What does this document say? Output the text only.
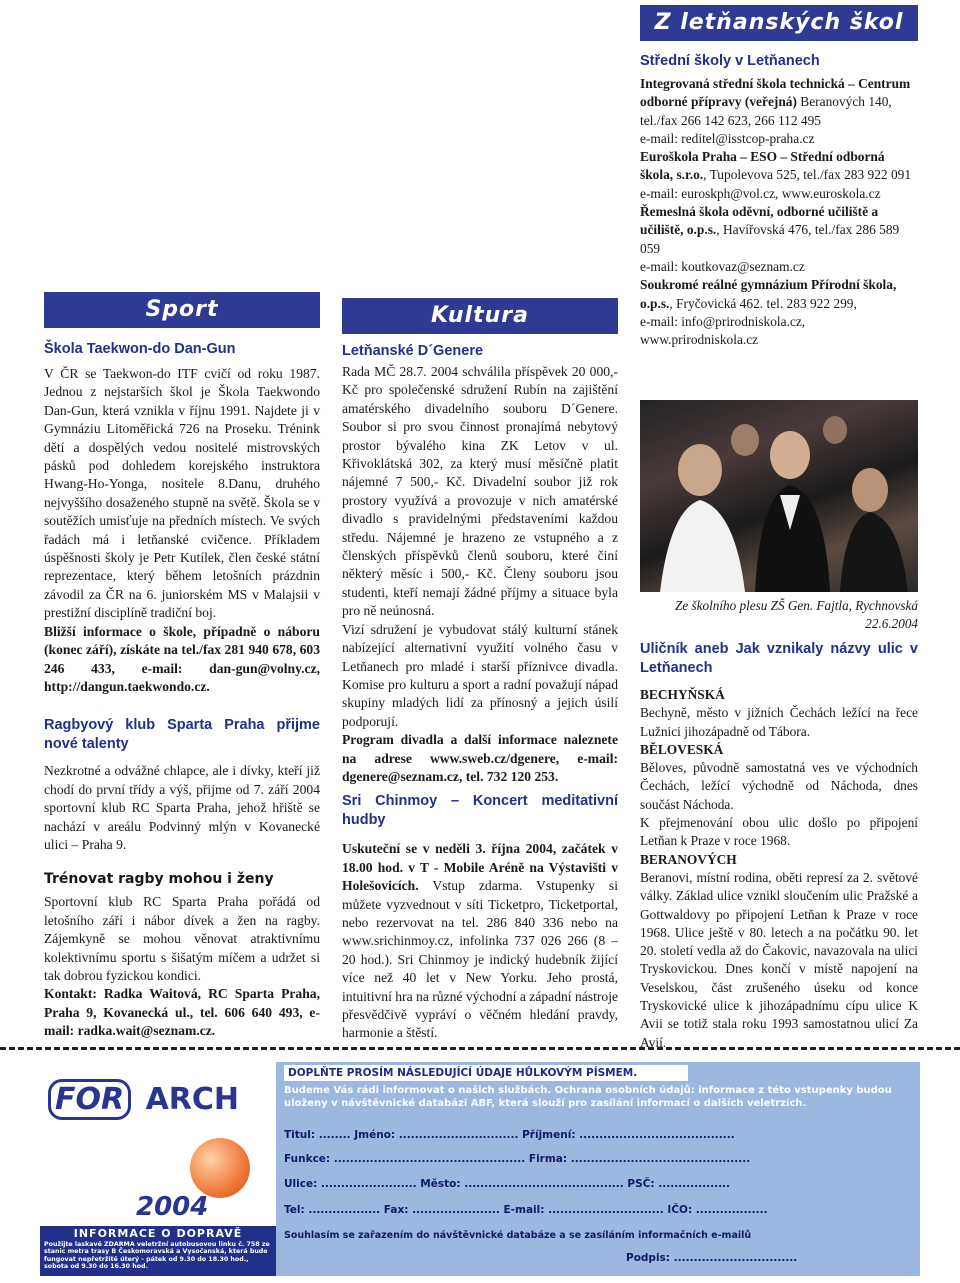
Z letňanských škol
Sport

Škola Taekwon-do Dan-Gun

V ČR se Taekwon-do ITF cvičí od roku 1987. Jednou z nejstarších škol je Škola Taekwondo Dan-Gun, která vznikla v říjnu 1991. Najdete ji v Gymnáziu Litoměřická 726 na Proseku. Trénink dětí a dospělých vedou nositelé mistrovských pásků pod dohledem korejského instruktora Hwang-Ho-Yonga, nositele 8.Danu, druhého nejvyššího dosaženého stupně na světě. Škola se v soutěžích umisťuje na předních místech. Ve svých řadách má i letňanské cvičence. Příkladem úspěšnosti školy je Petr Kutílek, člen české státní reprezentace, který během letošních prázdnin závodil za ČR na 6. juniorském MS v Malajsii v prestižní disciplíně tradiční boj.

Bližší informace o škole, případně o náboru (konec září), získáte na tel./fax 281 940 678, 603 246 433, e-mail: dan-gun@volny.cz, http://dangun.taekwondo.cz.

Ragbyový klub Sparta Praha přijme nové talenty

Nezkrotné a odvážné chlapce, ale i dívky, kteří již chodí do první třídy a výš, přijme od 7. září 2004 sportovní klub RC Sparta Praha, jehož hřiště se nachází v areálu Podvinný mlýn v Kovanecké ulici – Praha 9.

Trénovat ragby mohou i ženy

Sportovní klub RC Sparta Praha pořádá od letošního září i nábor dívek a žen na ragby. Zájemkyně se mohou věnovat atraktivnímu kolektivnímu sportu s šišatým míčem a udržet si tak dobrou fyzickou kondici.

Kontakt: Radka Waitová, RC Sparta Praha, Praha 9, Kovanecká ul., tel. 606 640 493, e-mail: radka.wait@seznam.cz.

Kultura

Letňanské D´Genere

Rada MČ 28.7. 2004 schválila příspěvek 20 000,- Kč pro společenské sdružení Rubín na zajištění amatérského divadelního souboru D´Genere. Soubor si pro svou činnost pronajímá nebytový prostor bývalého kina ZK Letov v ul. Křivoklátská 302, za který musí měsíčně platit nájemné 7 500,- Kč. Divadelní soubor již rok prostory využívá a provozuje v nich amatérské divadlo s pravidelnými představeními každou středu. Nájemné je hrazeno ze vstupného a z členských příspěvků členů souboru, které činí některý měsíc i 500,- Kč. Členy souboru jsou studenti, kteří nemají žádné příjmy a situace byla pro ně neúnosná.

Vizí sdružení je vybudovat stálý kulturní stánek nabízející alternativní využití volného času v Letňanech pro mladé i starší příznivce divadla. Komise pro kulturu a sport a radní považují nápad skupiny mladých lidí za přínosný a jejich úsilí podporují.

Program divadla a další informace naleznete na adrese www.sweb.cz/dgenere, e-mail: dgenere@seznam.cz, tel. 732 120 253.

Sri Chinmoy – Koncert meditativní hudby

Uskuteční se v neděli 3. října 2004, začátek v 18.00 hod. v T - Mobile Aréně na Výstavišti v Holešovicích. Vstup zdarma. Vstupenky si můžete vyzvednout v síti Ticketpro, Ticketportal, nebo rezervovat na tel. 286 840 336 nebo na www.srichinmoy.cz, infolinka 737 026 266 (8 – 20 hod.). Sri Chinmoy je indický hudebník žijící více než 40 let v New Yorku. Jeho prostá, intuitivní hra na různé východní a západní nástroje přesvědčivě vypráví o věčném hledání pravdy, harmonie a štěstí.

Střední školy v Letňanech

Integrovaná střední škola technická – Centrum odborné přípravy (veřejná) Beranových 140, tel./fax 266 142 623, 266 112 495

e-mail: reditel@isstcop-praha.cz

Euroškola Praha – ESO – Střední odborná škola, s.r.o., Tupolevova 525, tel./fax 283 922 091

e-mail: euroskph@vol.cz, www.euroskola.cz

Řemeslná škola oděvní, odborné učiliště a učiliště, o.p.s., Havířovská 476, tel./fax 286 589 059

e-mail: koutkovaz@seznam.cz

Soukromé reálné gymnázium Přírodní škola, o.p.s., Fryčovická 462. tel. 283 922 299,

e-mail: info@prirodniskola.cz, www.prirodniskola.cz

Ze školního plesu ZŠ Gen. Fajtla, Rychnovská 22.6.2004

Uličník aneb Jak vznikaly názvy ulic v Letňanech

BECHYŇSKÁ

Bechyně, město v jižních Čechách ležící na řece Lužnici jihozápadně od Tábora.

BĚLOVESKÁ

Běloves, původně samostatná ves ve východních Čechách, ležící východně od Náchoda, dnes součást Náchoda.

K přejmenování obou ulic došlo po připojení Letňan k Praze v roce 1968.

BERANOVÝCH

Beranovi, místní rodina, oběti represí za 2. světové války. Základ ulice vznikl sloučením ulic Pražské a Gottwaldovy po připojení Letňan k Praze v roce 1968. Ulice ještě v 80. letech a na počátku 90. let 20. století vedla až do Čakovic, navazovala na ulici Tryskovickou. Dnes končí v místě napojení na Veselskou, část zrušeného úseku od konce Tryskovické ulice k jihozápadnímu cípu ulice K Avii se totiž stala roku 1993 samostatnou ulicí Za Avií.

FOR ARCH
2004
INFORMACE O DOPRAVĚ
Použijte laskavě ZDARMA veletržní autobusovou linku č. 758 ze stanic metra trasy B Českomoravská a Vysočanská, která bude fungovat nepřetržitě úterý - pátek od 9.30 do 18.30 hod., sobota od 9.30 do 16.30 hod.
DOPLŇTE PROSÍM NÁSLEDUJÍCÍ ÚDAJE HŮLKOVÝM PÍSMEM.
Budeme Vás rádi informovat o našich službách. Ochrana osobních údajů: informace z této vstupenky budou uloženy v návštěvnické databázi ABF, která slouží pro zasílání informací o dalších veletrzích.
Titul: ........ Jméno: .............................. Příjmení: .......................................
Funkce: ................................................ Firma: .............................................
Ulice: ........................ Město: ........................................ PSČ: ..................
Tel: .................. Fax: ...................... E-mail: ............................. IČO: ..................
Souhlasím se zařazením do návštěvnické databáze a se zasíláním informačních e-mailů
Podpis: ...............................
